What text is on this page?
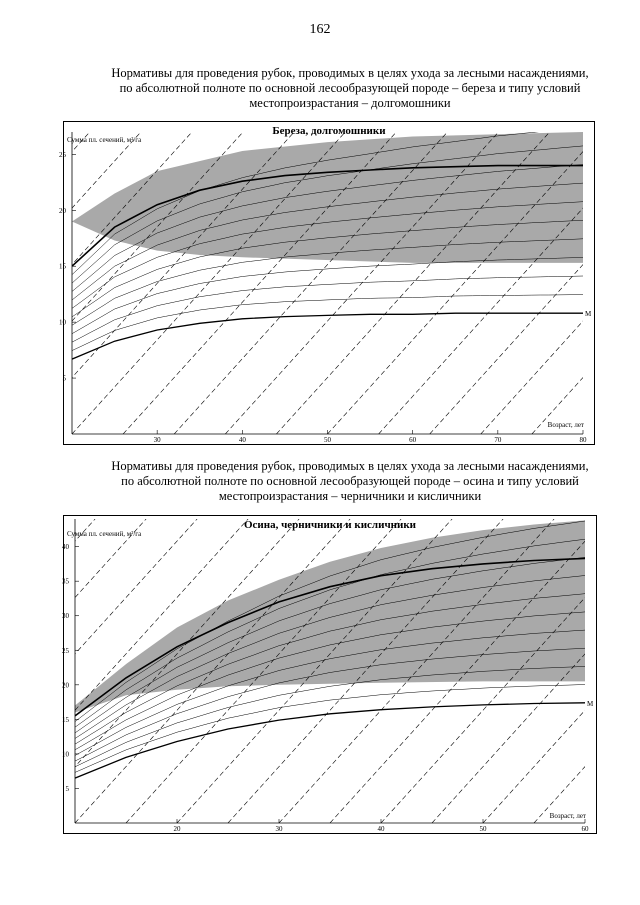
162
Нормативы для проведения рубок, проводимых в целях ухода за лесными насаждениями,
по абсолютной полноте по основной лесообразующей породе – береза и типу условий
местопроизрастания – долгомошники
М
5
10
15
20
25
30	40	50	60	70	80
Береза, долгомошники
Сумма пл. сечений, м²/га
Возраст, лет
Нормативы для проведения рубок, проводимых в целях ухода за лесными насаждениями,
по абсолютной полноте по основной лесообразующей породе – осина и типу условий
местопроизрастания – черничники и кисличники
М
5
10
15
20
25
30
35
40
20	30	40	50	60
Осина, черничники и кисличники
Сумма пл. сечений, м²/га
Возраст, лет
